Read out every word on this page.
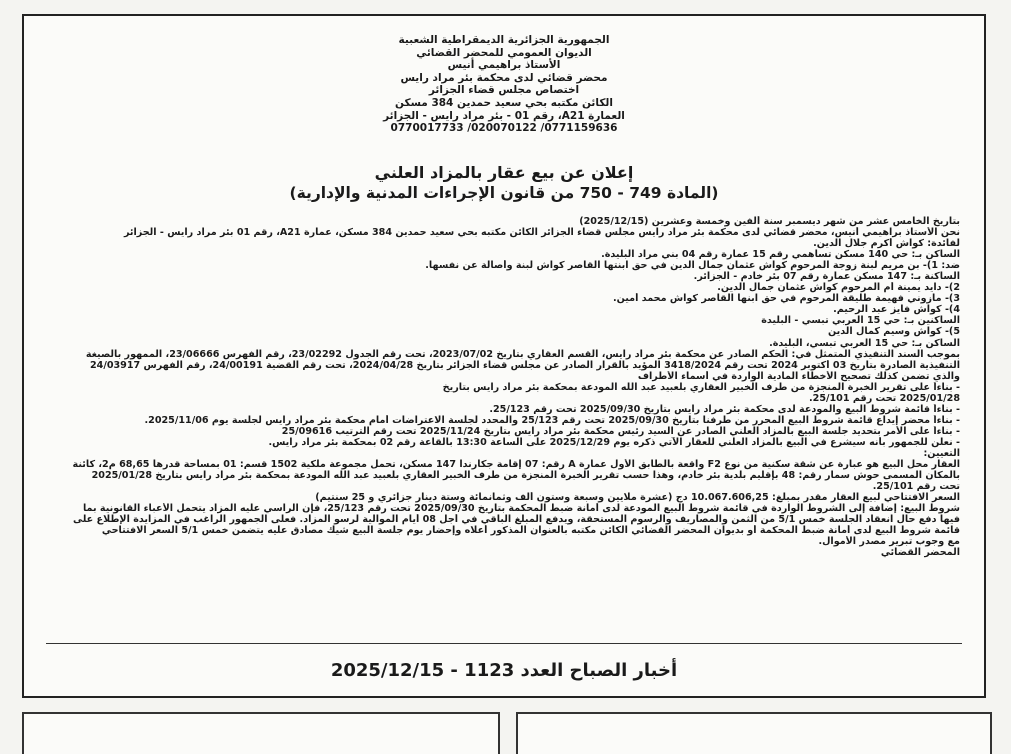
الجمهورية الجزائرية الديمقراطية الشعبية
الديوان العمومي للمحضر القضائي
الأستاذ براهيمي أنيس
محضر قضائي لدى محكمة بئر مراد رايس
اختصاص مجلس قضاء الجزائر
الكائن مكتبه بحي سعيد حمدين 384 مسكن
العمارة A21، رقم 01 - بئر مراد رايس - الجزائر
0771159636/ 020070122/ 0770017733
إعلان عن بيع عقار بالمزاد العلني
(المادة 749 - 750 من قانون الإجراءات المدنية والإدارية)
بتاريخ الخامس عشر من شهر ديسمبر سنة ألفين وخمسة وعشرين (2025/12/15)
نحن الأستاذ براهيمي أنيس، محضر قضائي لدى محكمة بئر مراد رايس مجلس قضاء الجزائر الكائن مكتبه بحي سعيد حمدين 384 مسكن، عمارة A21، رقم 01 بئر مراد رايس - الجزائر
لفائدة: كواش أكرم جلال الدين.
الساكن بـ: حي 140 مسكن تساهمي رقم 15 عمارة رقم 04 بني مراد البليدة.
ضد: 1)- بن مريم لبنة زوجة المرحوم كواش عثمان جمال الدين في حق ابنتها القاصر كواش لبنة وأصالة عن نفسها.
الساكنة بـ: 147 مسكن عمارة رقم 07 بئر خادم - الجزائر.
2)- دايد يمينة أم المرحوم كواش عثمان جمال الدين.
3)- مازوني فهيمة طليقة المرحوم في حق ابنها القاصر كواش محمد أمين.
4)- كواش فايز عبد الرحيم.
الساكنين بـ: حي 15 العربي تبسي - البليدة
5)- كواش وسيم كمال الدين
الساكن بـ: حي 15 العربي تبسي، البليدة.
بموجب السند التنفيذي المتمثل في: الحكم الصادر عن محكمة بئر مراد رايس، القسم العقاري بتاريخ 2023/07/02، تحت رقم الجدول 23/02292، رقم الفهرس 23/06666، الممهور بالصيغة
التنفيذية الصادرة بتاريخ 03 أكتوبر 2024 تحت رقم 3418/2024 المؤيد بالقرار الصادر عن مجلس قضاء الجزائر بتاريخ 2024/04/28، تحت رقم القضية 24/00191، رقم الفهرس 24/03917
والذي تضمن كذلك تصحيح الأخطاء المادية الواردة في أسماء الأطراف
- بناءاً على تقرير الخبرة المنجزة من طرف الخبير العقاري بلعبيد عبد الله المودعة بمحكمة بئر مراد رايس بتاريخ
2025/01/28 تحت رقم 25/101.
- بناءاً قائمة شروط البيع والمودعة لدى محكمة بئر مراد رايس بتاريخ 2025/09/30 تحت رقم 25/123.
- بناءاً محضر إيداع قائمة شروط البيع المحرر من طرفنا بتاريخ 2025/09/30 تحت رقم 25/123 والمحدد لجلسة الاعتراضات أمام محكمة بئر مراد رايس لجلسة يوم 2025/11/06.
- بناءاً على الأمر بتحديد جلسة البيع بالمزاد العلني الصادر عن السيد رئيس محكمة بئر مراد رايس بتاريخ 2025/11/24 تحت رقم الترتيب 25/09616
- نعلن للجمهور بأنه سيشرع في البيع بالمزاد العلني للعقار الآتي ذكره يوم 2025/12/29 على الساعة 13:30 بالقاعة رقم 02 بمحكمة بئر مراد رايس.
التعيين:
العقار محل البيع هو عبارة عن شقة سكنية من نوع F2 واقعة بالطابق الأول عمارة A رقم: 07 إقامة جكارندا 147 مسكن، تحمل مجموعة ملكية 1502 قسم: 01 بمساحة قدرها 68,65 م2، كائنة
بالمكان المسمى حوش سمار رقم: 48 بإقليم بلدية بئر خادم، وهذا حسب تقرير الخبرة المنجزة من طرف الخبير العقاري بلعبيد عبد الله المودعة بمحكمة بئر مراد رايس بتاريخ 2025/01/28
تحت رقم 25/101.
السعر الافتتاحي لبيع العقار مقدر بمبلغ: 10.067.606,25 دج (عشرة ملايين وسبعة وستون ألف وثمانمائة وستة دينار جزائري و 25 سنتيم)
شروط البيع: إضافة إلى الشروط الواردة في قائمة شروط البيع المودعة لدى أمانة ضبط المحكمة بتاريخ 2025/09/30 تحت رقم 25/123، فإن الراسي عليه المزاد يتحمل الأعباء القانونية بما
فيها دفع حال انعقاد الجلسة خمس 5/1 من الثمن والمصاريف والرسوم المستحقة، ويدفع المبلغ الباقي في أجل 08 أيام الموالية لرسو المزاد. فعلى الجمهور الراغب في المزايدة الإطلاع على
قائمة شروط البيع لدى أمانة ضبط المحكمة أو بديوان المحضر القضائي الكائن مكتبه بالعنوان المذكور أعلاه وإحضار يوم جلسة البيع شيك مصادق عليه يتضمن خمس 5/1 السعر الافتتاحي
مع وجوب تبرير مصدر الأموال.
المحضر القضائي
أخبار الصباح العدد 1123 - 2025/12/15
